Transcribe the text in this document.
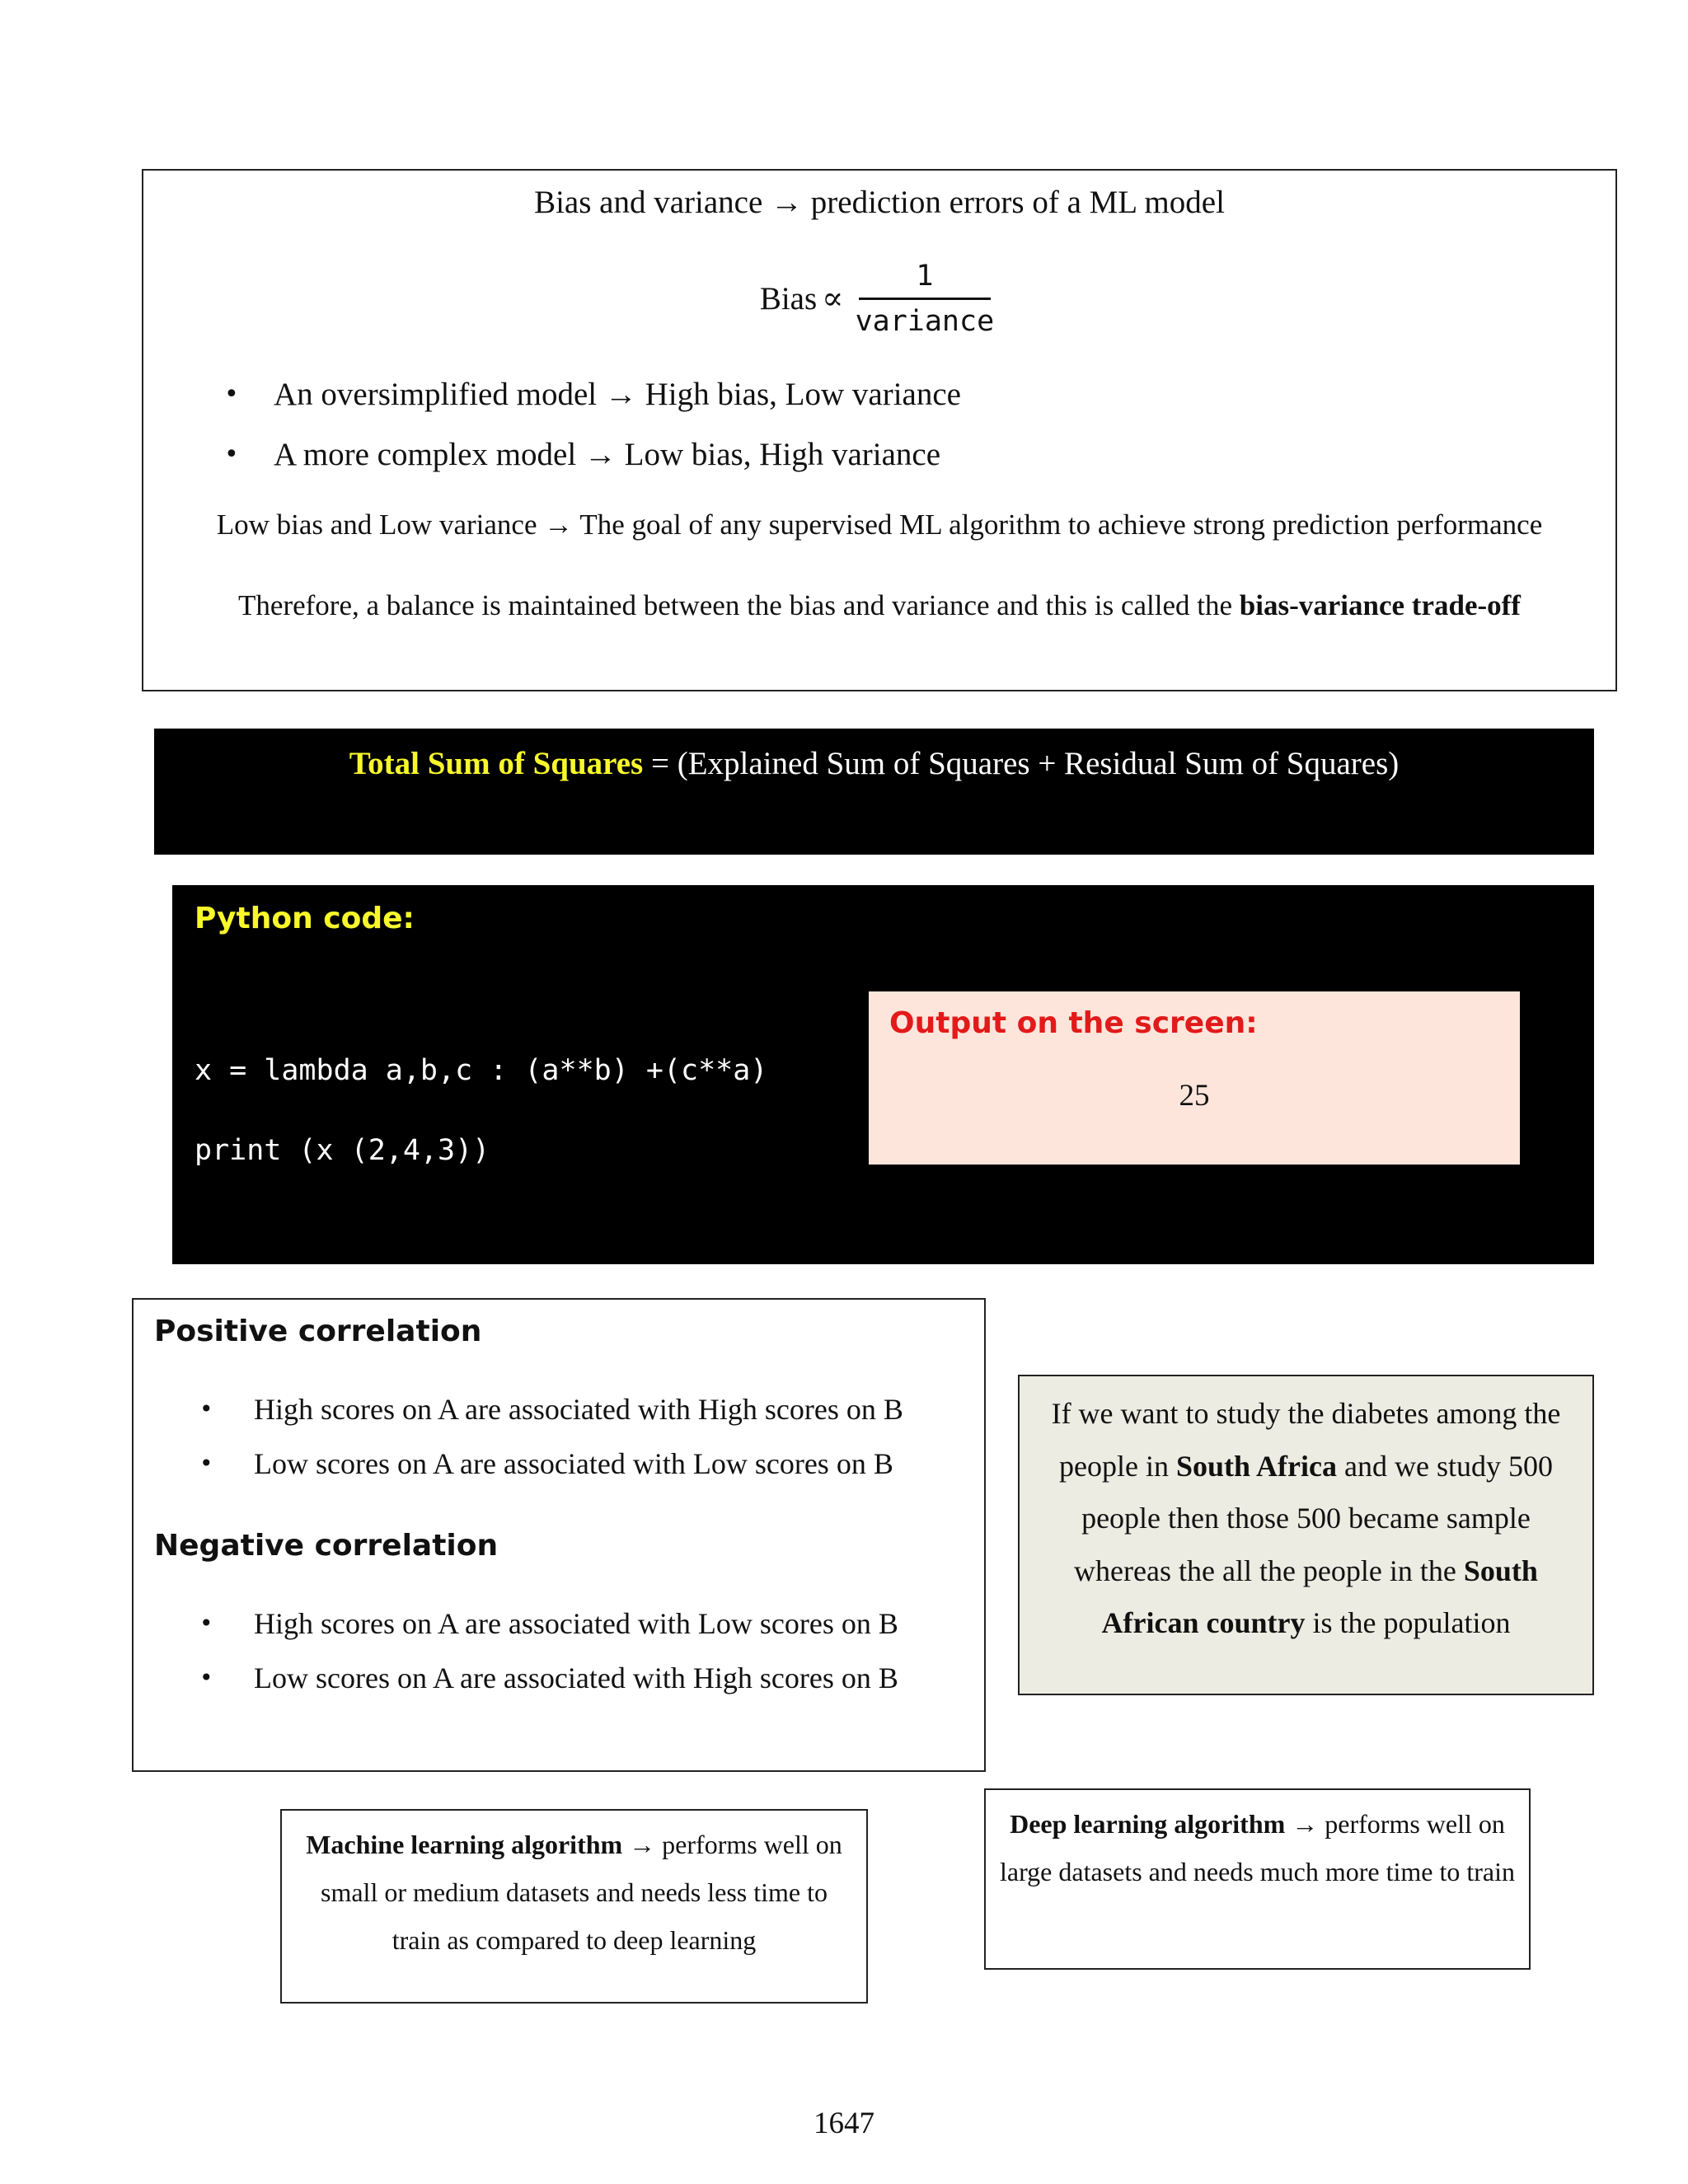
Bias and variance → prediction errors of a ML model
Bias ∝ $\frac{1}{\text{variance}}$
• An oversimplified model → High bias, Low variance
• A more complex model → Low bias, High variance
Low bias and Low variance → The goal of any supervised ML algorithm to achieve strong prediction performance
Therefore, a balance is maintained between the bias and variance and this is called the bias-variance trade-off
Total Sum of Squares = (Explained Sum of Squares + Residual Sum of Squares)
Python code:
x = lambda a,b,c : (a**b) +(c**a)
print (x (2,4,3))
Output on the screen:
25
Positive correlation
• High scores on A are associated with High scores on B
• Low scores on A are associated with Low scores on B
Negative correlation
• High scores on A are associated with Low scores on B
• Low scores on A are associated with High scores on B

If we want to study the diabetes among the people in South Africa and we study 500 people then those 500 became sample whereas the all the people in the South African country is the population

Machine learning algorithm → performs well on small or medium datasets and needs less time to train as compared to deep learning

Deep learning algorithm → performs well on large datasets and needs much more time to train

1647
